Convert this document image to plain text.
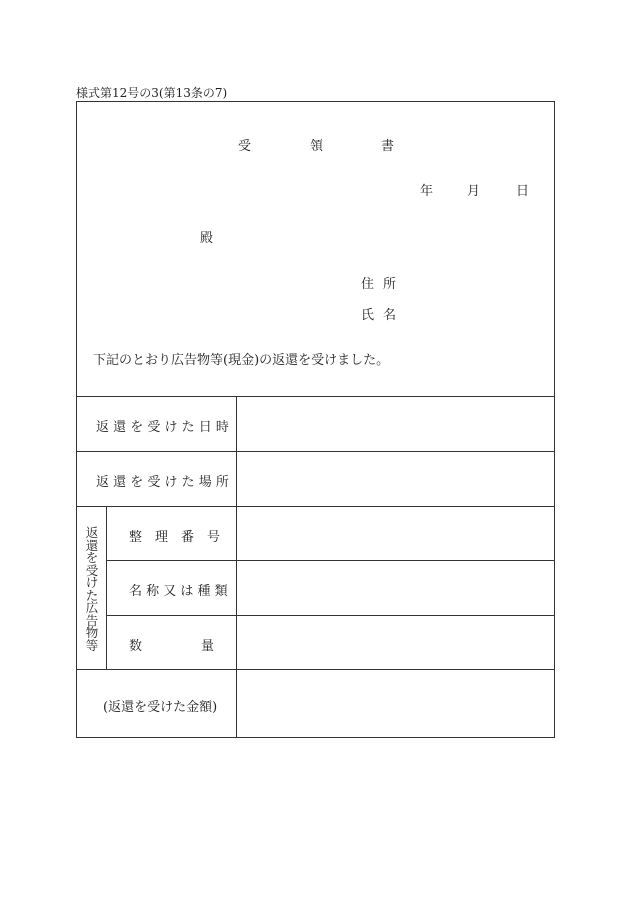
様式第12号の3(第13条の7)
受	領	書
年	月	日
殿
住 所
氏 名
下記のとおり広告物等(現金)の返還を受けました。
返 還 を 受 け た 日 時
返 還 を 受 け た 場 所
返還を受けた広告物等
整　理　番　号
名 称 又 は 種 類
数	量
(返還を受けた金額)
